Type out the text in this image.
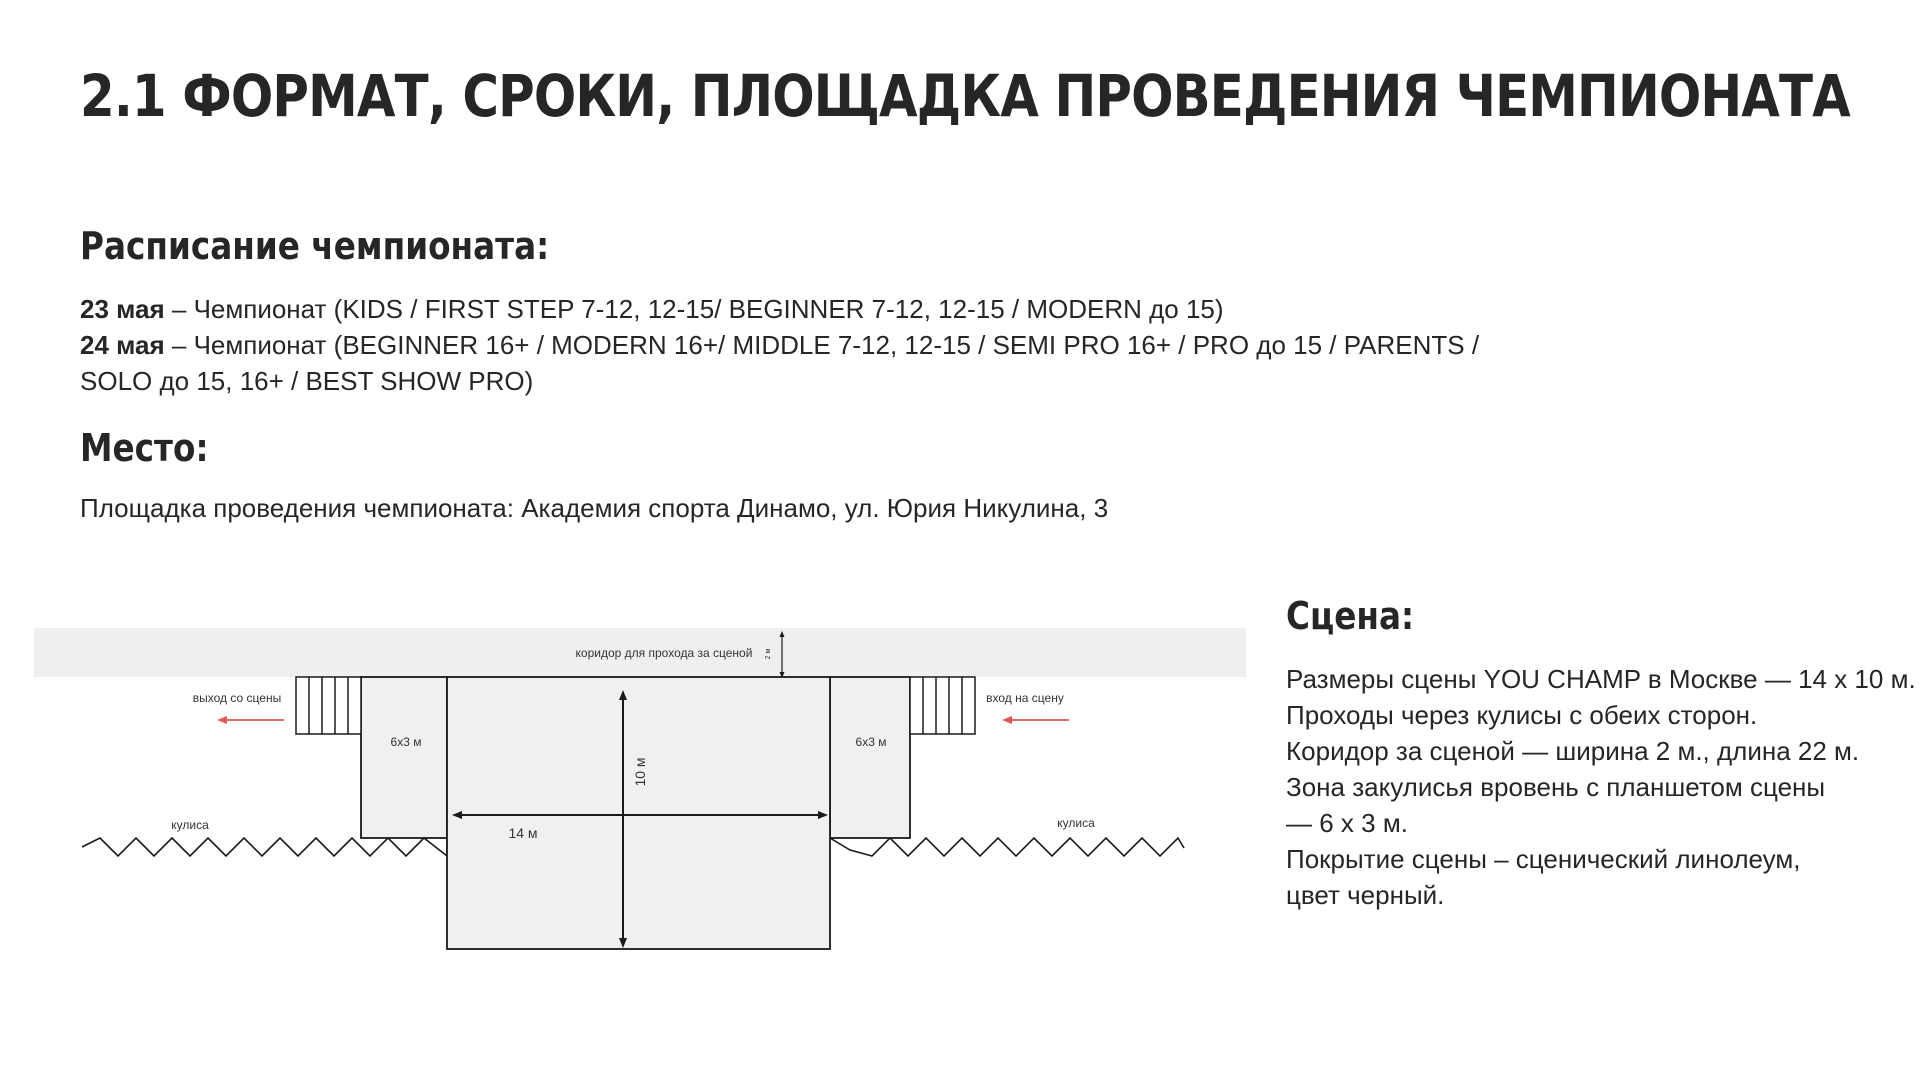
2.1 ФОРМАТ, СРОКИ, ПЛОЩАДКА ПРОВЕДЕНИЯ ЧЕМПИОНАТА
Расписание чемпионата:
23 мая – Чемпионат (KIDS / FIRST STEP 7-12, 12-15/ BEGINNER 7-12, 12-15 / MODERN до 15)
24 мая – Чемпионат (BEGINNER 16+ / MODERN 16+/ MIDDLE 7-12, 12-15 / SEMI PRO 16+ / PRO до 15 / PARENTS /
SOLO до 15, 16+ / BEST SHOW PRO)
Место:
Площадка проведения чемпионата: Академия спорта Динамо, ул. Юрия Никулина, 3
Сцена:
Размеры сцены YOU CHAMP в Москве — 14 х 10 м.
Проходы через кулисы с обеих сторон.
Коридор за сценой — ширина 2 м., длина 22 м.
Зона закулисья вровень с планшетом сцены
— 6 х 3 м.
Покрытие сцены – сценический линолеум,
цвет черный.
коридор для прохода за сценой 2 м
6х3 м	6х3 м
10 м
14 м
выход со сцены	вход на сцену
кулиса	кулиса
